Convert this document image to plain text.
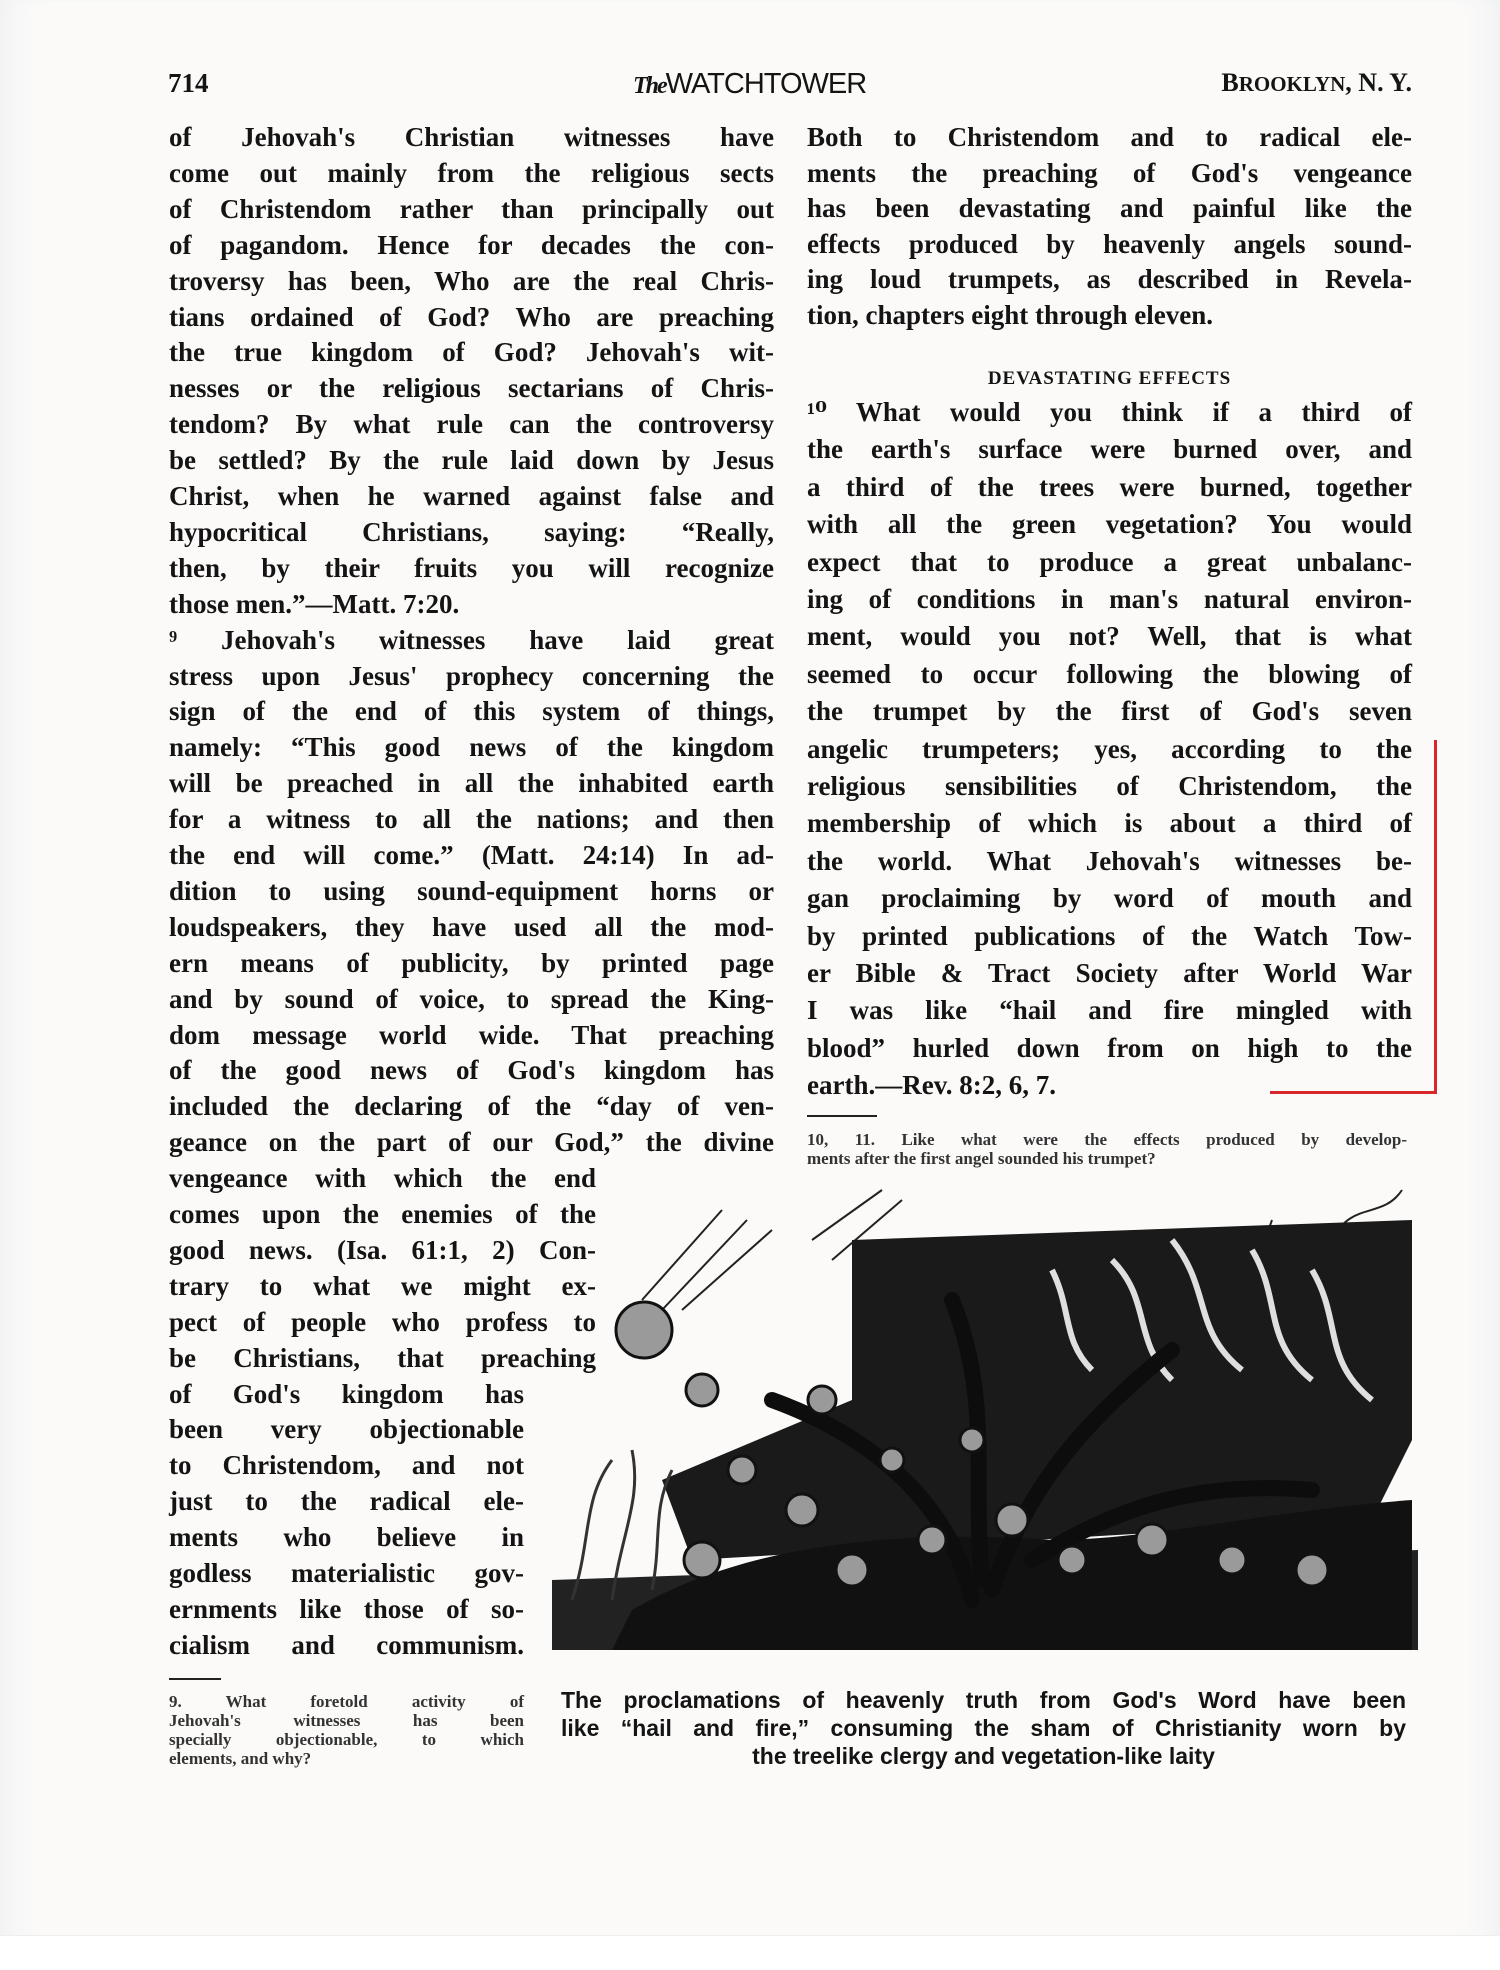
714	TheWATCHTOWER	BROOKLYN, N. Y.
DEVASTATING EFFECTS
10, 11. Like what were the effects produced by develop-
ments after the first angel sounded his trumpet?
9. What foretold activity of
Jehovah's witnesses has been
specially objectionable, to which
elements, and why?
The proclamations of heavenly truth from God's Word have been
like “hail and fire,” consuming the sham of Christianity worn by
the treelike clergy and vegetation-like laity
